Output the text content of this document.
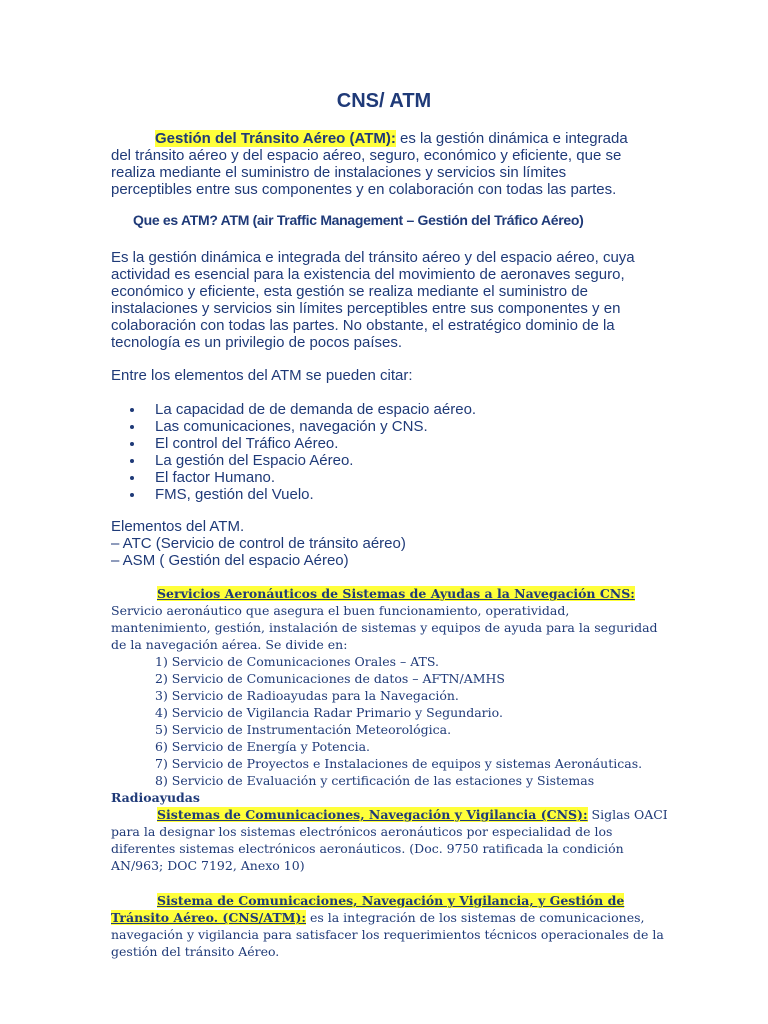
CNS/ ATM
Gestión del Tránsito Aéreo (ATM): es la gestión dinámica e integrada del tránsito aéreo y del espacio aéreo, seguro, económico y eficiente, que se realiza mediante el suministro de instalaciones y servicios sin límites perceptibles entre sus componentes y en colaboración con todas las partes.
Que es ATM? ATM (air Traffic Management – Gestión del Tráfico Aéreo)
Es la gestión dinámica e integrada del tránsito aéreo y del espacio aéreo, cuya actividad es esencial para la existencia del movimiento de aeronaves seguro, económico y eficiente, esta gestión se realiza mediante el suministro de instalaciones y servicios sin límites perceptibles entre sus componentes y en colaboración con todas las partes. No obstante, el estratégico dominio de la tecnología es un privilegio de pocos países.
Entre los elementos del ATM se pueden citar:
La capacidad de de demanda de espacio aéreo.
Las comunicaciones, navegación y CNS.
El control del Tráfico Aéreo.
La gestión del Espacio Aéreo.
El factor Humano.
FMS, gestión del Vuelo.
Elementos del ATM.
– ATC (Servicio de control de tránsito aéreo)
– ASM ( Gestión del espacio Aéreo)
Servicios Aeronáuticos de Sistemas de Ayudas a la Navegación CNS:
Servicio aeronáutico que asegura el buen funcionamiento, operatividad, mantenimiento, gestión, instalación de sistemas y equipos de ayuda para la seguridad de la navegación aérea. Se divide en:
1) Servicio de Comunicaciones Orales – ATS.
2) Servicio de Comunicaciones de datos – AFTN/AMHS
3) Servicio de Radioayudas para la Navegación.
4) Servicio de Vigilancia Radar Primario y Segundario.
5) Servicio de Instrumentación Meteorológica.
6) Servicio de Energía y Potencia.
7) Servicio de Proyectos e Instalaciones de equipos y sistemas Aeronáuticas.
8) Servicio de Evaluación y certificación de las estaciones y Sistemas
Radioayudas
Sistemas de Comunicaciones, Navegación y Vigilancia (CNS): Siglas OACI para la designar los sistemas electrónicos aeronáuticos por especialidad de los diferentes sistemas electrónicos aeronáuticos. (Doc. 9750 ratificada la condición AN/963; DOC 7192, Anexo 10)
Sistema de Comunicaciones, Navegación y Vigilancia, y Gestión de Tránsito Aéreo. (CNS/ATM): es la integración de los sistemas de comunicaciones, navegación y vigilancia para satisfacer los requerimientos técnicos operacionales de la gestión del tránsito Aéreo.
